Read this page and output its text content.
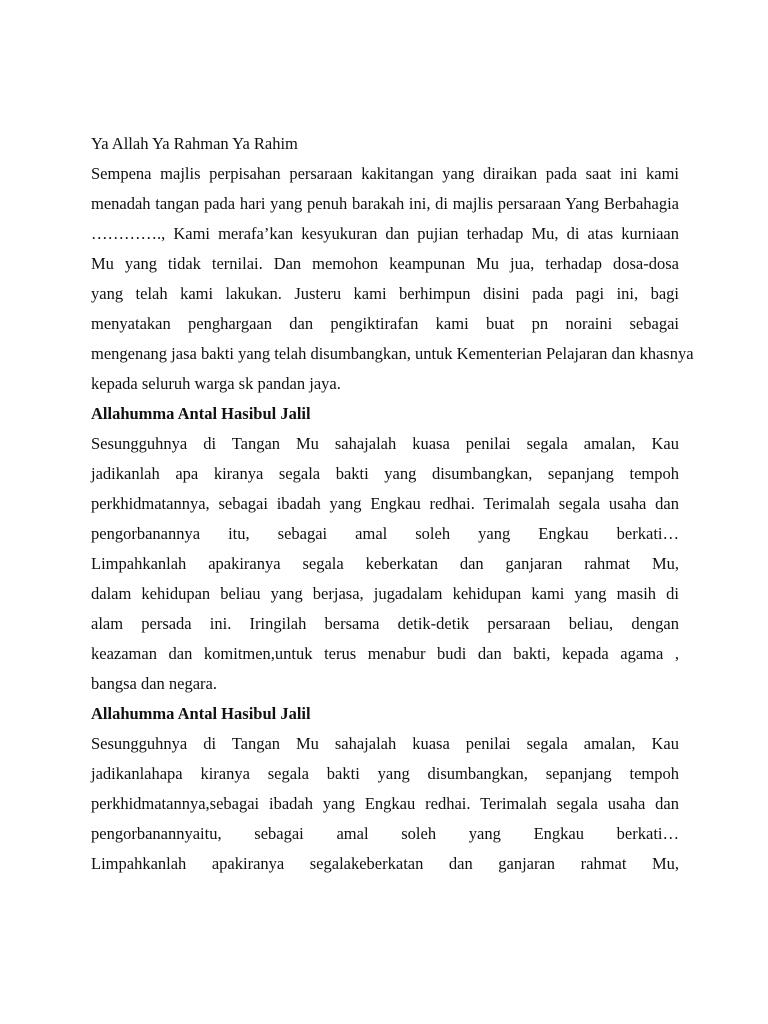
Ya Allah Ya Rahman Ya Rahim
Sempena majlis perpisahan persaraan kakitangan yang diraikan pada saat ini kami
menadah tangan pada hari yang penuh barakah ini, di majlis persaraan Yang Berbahagia
…………., Kami merafa’kan kesyukuran dan pujian terhadap Mu, di atas kurniaan
Mu yang tidak ternilai. Dan memohon keampunan Mu jua, terhadap dosa-dosa
yang telah kami lakukan. Justeru kami berhimpun disini pada pagi ini, bagi
menyatakan penghargaan dan pengiktirafan kami buat pn noraini sebagai
mengenang jasa bakti yang telah disumbangkan, untuk Kementerian Pelajaran dan khasnya
kepada seluruh warga sk pandan jaya.
Allahumma Antal Hasibul Jalil
Sesungguhnya di Tangan Mu sahajalah kuasa penilai segala amalan, Kau
jadikanlah apa kiranya segala bakti yang disumbangkan, sepanjang tempoh
perkhidmatannya, sebagai ibadah yang Engkau redhai. Terimalah segala usaha dan
pengorbanannya itu, sebagai amal soleh yang Engkau berkati…
Limpahkanlah apakiranya segala keberkatan dan ganjaran rahmat Mu,
dalam kehidupan beliau yang berjasa, jugadalam kehidupan kami yang masih di
alam persada ini. Iringilah bersama detik-detik persaraan beliau, dengan
keazaman dan komitmen,untuk terus menabur budi dan bakti, kepada agama ,
bangsa dan negara.
Allahumma Antal Hasibul Jalil
Sesungguhnya di Tangan Mu sahajalah kuasa penilai segala amalan, Kau
jadikanlahapa kiranya segala bakti yang disumbangkan, sepanjang tempoh
perkhidmatannya,sebagai ibadah yang Engkau redhai. Terimalah segala usaha dan
pengorbanannyaitu, sebagai amal soleh yang Engkau berkati…
Limpahkanlah apakiranya segalakeberkatan dan ganjaran rahmat Mu,
